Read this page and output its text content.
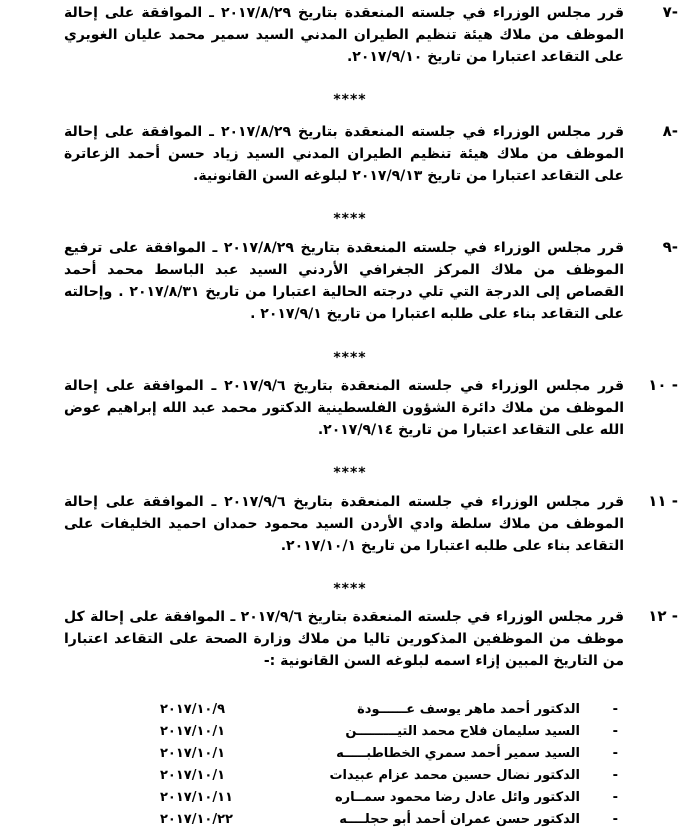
-٧
قرر مجلس الوزراء في جلسته المنعقدة بتاريخ ٢٠١٧/٨/٢٩ ـ الموافقة على إحالة الموظف من ملاك هيئة تنظيم الطيران المدني السيد سمير محمد عليان الغويري على التقاعد اعتبارا من تاريخ ٢٠١٧/٩/١٠.
****
-٨
قرر مجلس الوزراء في جلسته المنعقدة بتاريخ ٢٠١٧/٨/٢٩ ـ الموافقة على إحالة الموظف من ملاك هيئة تنظيم الطيران المدني السيد زياد حسن أحمد الزعاترة على التقاعد اعتبارا من تاريخ ٢٠١٧/٩/١٣ لبلوغه السن القانونية.
****
-٩
قرر مجلس الوزراء في جلسته المنعقدة بتاريخ ٢٠١٧/٨/٢٩ ـ الموافقة على ترفيع الموظف من ملاك المركز الجغرافي الأردني السيد عبد الباسط محمد أحمد القصاص إلى الدرجة التي تلي درجته الحالية اعتبارا من تاريخ ٢٠١٧/٨/٣١ . وإحالته على التقاعد بناء على طلبه اعتبارا من تاريخ ٢٠١٧/٩/١ .
****
- ١٠
قرر مجلس الوزراء في جلسته المنعقدة بتاريخ ٢٠١٧/٩/٦ ـ الموافقة على إحالة الموظف من ملاك دائرة الشؤون الفلسطينية الدكتور محمد عبد الله إبراهيم عوض الله على التقاعد اعتبارا من تاريخ ٢٠١٧/٩/١٤.
****
- ١١
قرر مجلس الوزراء في جلسته المنعقدة بتاريخ ٢٠١٧/٩/٦ ـ الموافقة على إحالة الموظف من ملاك سلطة وادي الأردن السيد محمود حمدان احميد الخليفات على التقاعد بناء على طلبه اعتبارا من تاريخ ٢٠١٧/١٠/١.
****
- ١٢
قرر مجلس الوزراء في جلسته المنعقدة بتاريخ ٢٠١٧/٩/٦ ـ الموافقة على إحالة كل موظف من الموظفين المذكورين تاليا من ملاك وزارة الصحة على التقاعد اعتبارا من التاريخ المبين إزاء اسمه لبلوغه السن القانونية :-
-
الدكتور أحمد ماهر يوسف عــــــودة
٢٠١٧/١٠/٩
-
السيد سليمان فلاح محمد التيـــــــــن
٢٠١٧/١٠/١
-
السيد سمير أحمد سمري الخطاطبـــــه
٢٠١٧/١٠/١
-
الدكتور نضال حسين محمد عزام عبيدات
٢٠١٧/١٠/١
-
الدكتور وائل عادل رضا محمود سمــاره
٢٠١٧/١٠/١١
-
الدكتور حسن عمران أحمد أبو حجلــــه
٢٠١٧/١٠/٢٢
